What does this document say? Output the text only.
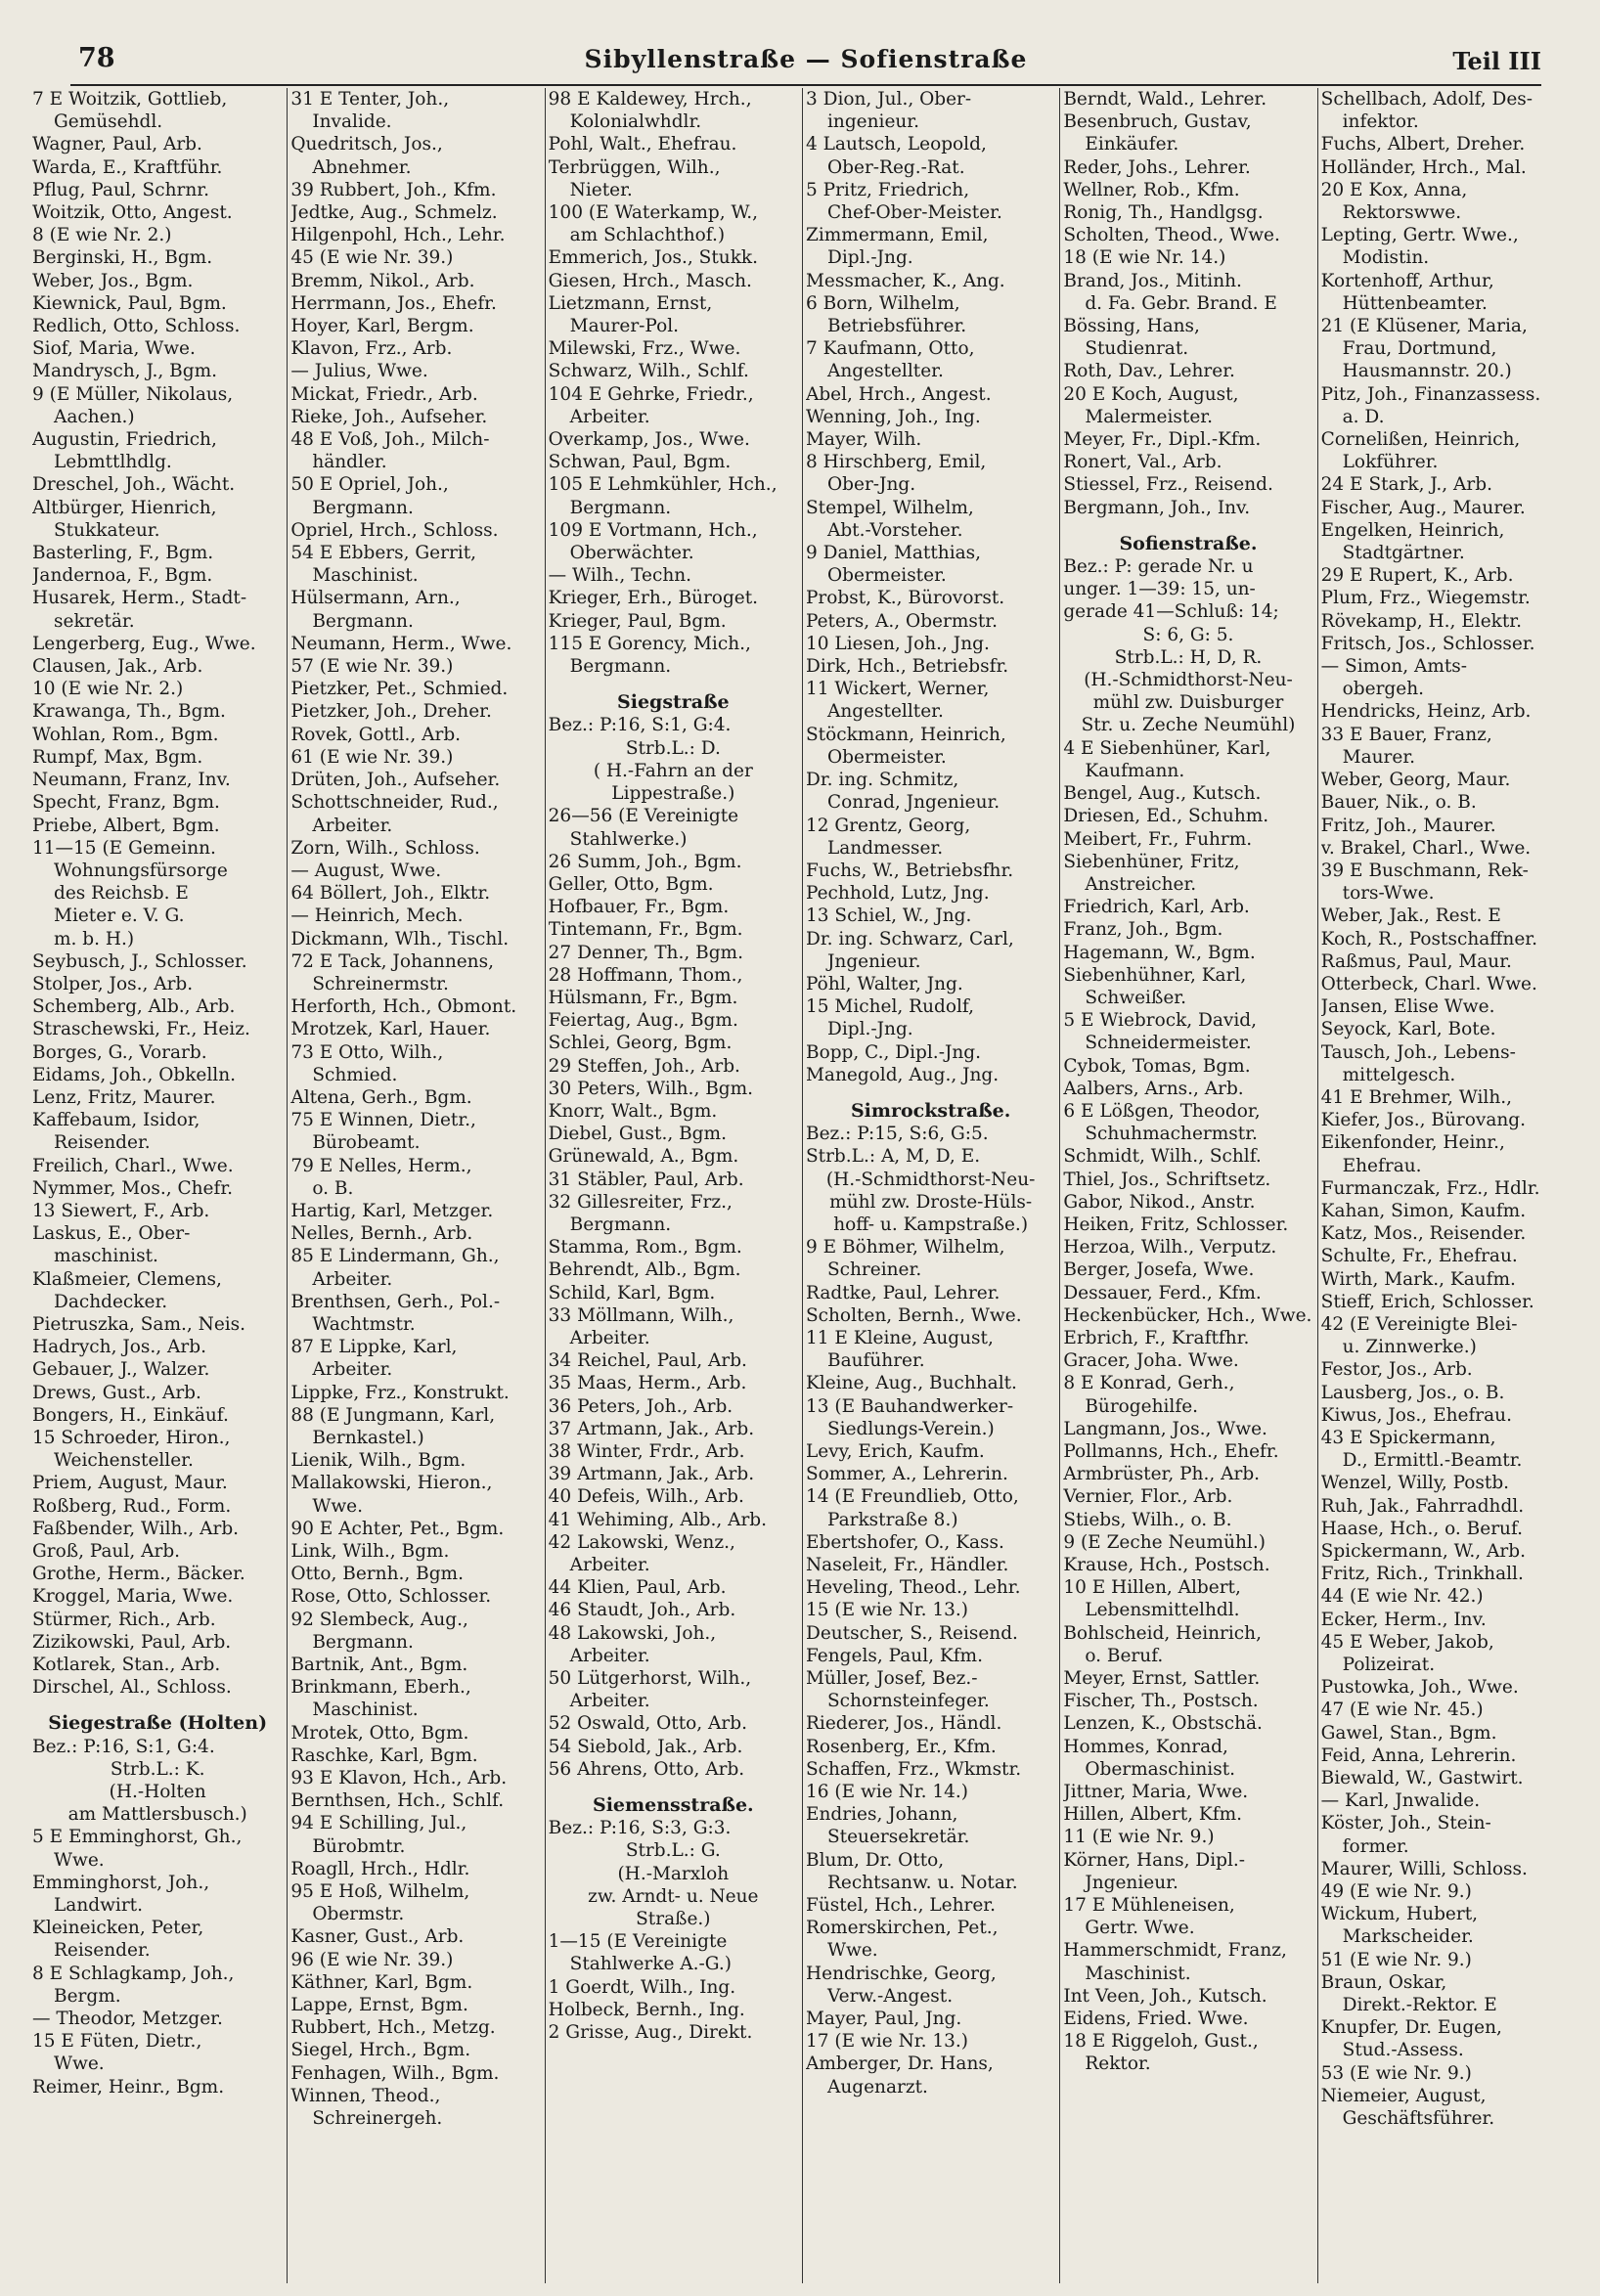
78	Sibyllenstraße — Sofienstraße	Teil III
7 E Woitzik, Gottlieb,
Gemüsehdl.
Wagner, Paul, Arb.
Warda, E., Kraftführ.
Pflug, Paul, Schrnr.
Woitzik, Otto, Angest.
8 (E wie Nr. 2.)
Berginski, H., Bgm.
Weber, Jos., Bgm.
Kiewnick, Paul, Bgm.
Redlich, Otto, Schloss.
Siof, Maria, Wwe.
Mandrysch, J., Bgm.
9 (E Müller, Nikolaus,
Aachen.)
Augustin, Friedrich,
Lebmttlhdlg.
Dreschel, Joh., Wächt.
Altbürger, Hienrich,
Stukkateur.
Basterling, F., Bgm.
Jandernoa, F., Bgm.
Husarek, Herm., Stadt-
sekretär.
Lengerberg, Eug., Wwe.
Clausen, Jak., Arb.
10 (E wie Nr. 2.)
Krawanga, Th., Bgm.
Wohlan, Rom., Bgm.
Rumpf, Max, Bgm.
Neumann, Franz, Inv.
Specht, Franz, Bgm.
Priebe, Albert, Bgm.
11—15 (E Gemeinn.
Wohnungsfürsorge
des Reichsb. E
Mieter e. V. G.
m. b. H.)
Seybusch, J., Schlosser.
Stolper, Jos., Arb.
Schemberg, Alb., Arb.
Straschewski, Fr., Heiz.
Borges, G., Vorarb.
Eidams, Joh., Obkelln.
Lenz, Fritz, Maurer.
Kaffebaum, Isidor,
Reisender.
Freilich, Charl., Wwe.
Nymmer, Mos., Chefr.
13 Siewert, F., Arb.
Laskus, E., Ober-
maschinist.
Klaßmeier, Clemens,
Dachdecker.
Pietruszka, Sam., Neis.
Hadrych, Jos., Arb.
Gebauer, J., Walzer.
Drews, Gust., Arb.
Bongers, H., Einkäuf.
15 Schroeder, Hiron.,
Weichensteller.
Priem, August, Maur.
Roßberg, Rud., Form.
Faßbender, Wilh., Arb.
Groß, Paul, Arb.
Grothe, Herm., Bäcker.
Kroggel, Maria, Wwe.
Stürmer, Rich., Arb.
Zizikowski, Paul, Arb.
Kotlarek, Stan., Arb.
Dirschel, Al., Schloss.
Siegestraße (Holten)
Bez.: P:16, S:1, G:4.
Strb.L.: K.
(H.-Holten
am Mattlersbusch.)
5 E Emminghorst, Gh.,
Wwe.
Emminghorst, Joh.,
Landwirt.
Kleineicken, Peter,
Reisender.
8 E Schlagkamp, Joh.,
Bergm.
— Theodor, Metzger.
15 E Füten, Dietr.,
Wwe.
Reimer, Heinr., Bgm.
31 E Tenter, Joh.,
Invalide.
Quedritsch, Jos.,
Abnehmer.
39 Rubbert, Joh., Kfm.
Jedtke, Aug., Schmelz.
Hilgenpohl, Hch., Lehr.
45 (E wie Nr. 39.)
Bremm, Nikol., Arb.
Herrmann, Jos., Ehefr.
Hoyer, Karl, Bergm.
Klavon, Frz., Arb.
— Julius, Wwe.
Mickat, Friedr., Arb.
Rieke, Joh., Aufseher.
48 E Voß, Joh., Milch-
händler.
50 E Opriel, Joh.,
Bergmann.
Opriel, Hrch., Schloss.
54 E Ebbers, Gerrit,
Maschinist.
Hülsermann, Arn.,
Bergmann.
Neumann, Herm., Wwe.
57 (E wie Nr. 39.)
Pietzker, Pet., Schmied.
Pietzker, Joh., Dreher.
Rovek, Gottl., Arb.
61 (E wie Nr. 39.)
Drüten, Joh., Aufseher.
Schottschneider, Rud.,
Arbeiter.
Zorn, Wilh., Schloss.
— August, Wwe.
64 Böllert, Joh., Elktr.
— Heinrich, Mech.
Dickmann, Wlh., Tischl.
72 E Tack, Johannens,
Schreinermstr.
Herforth, Hch., Obmont.
Mrotzek, Karl, Hauer.
73 E Otto, Wilh.,
Schmied.
Altena, Gerh., Bgm.
75 E Winnen, Dietr.,
Bürobeamt.
79 E Nelles, Herm.,
o. B.
Hartig, Karl, Metzger.
Nelles, Bernh., Arb.
85 E Lindermann, Gh.,
Arbeiter.
Brenthsen, Gerh., Pol.-
Wachtmstr.
87 E Lippke, Karl,
Arbeiter.
Lippke, Frz., Konstrukt.
88 (E Jungmann, Karl,
Bernkastel.)
Lienik, Wilh., Bgm.
Mallakowski, Hieron.,
Wwe.
90 E Achter, Pet., Bgm.
Link, Wilh., Bgm.
Otto, Bernh., Bgm.
Rose, Otto, Schlosser.
92 Slembeck, Aug.,
Bergmann.
Bartnik, Ant., Bgm.
Brinkmann, Eberh.,
Maschinist.
Mrotek, Otto, Bgm.
Raschke, Karl, Bgm.
93 E Klavon, Hch., Arb.
Bernthsen, Hch., Schlf.
94 E Schilling, Jul.,
Bürobmtr.
Roagll, Hrch., Hdlr.
95 E Hoß, Wilhelm,
Obermstr.
Kasner, Gust., Arb.
96 (E wie Nr. 39.)
Käthner, Karl, Bgm.
Lappe, Ernst, Bgm.
Rubbert, Hch., Metzg.
Siegel, Hrch., Bgm.
Fenhagen, Wilh., Bgm.
Winnen, Theod.,
Schreinergeh.
98 E Kaldewey, Hrch.,
Kolonialwhdlr.
Pohl, Walt., Ehefrau.
Terbrüggen, Wilh.,
Nieter.
100 (E Waterkamp, W.,
am Schlachthof.)
Emmerich, Jos., Stukk.
Giesen, Hrch., Masch.
Lietzmann, Ernst,
Maurer-Pol.
Milewski, Frz., Wwe.
Schwarz, Wilh., Schlf.
104 E Gehrke, Friedr.,
Arbeiter.
Overkamp, Jos., Wwe.
Schwan, Paul, Bgm.
105 E Lehmkühler, Hch.,
Bergmann.
109 E Vortmann, Hch.,
Oberwächter.
— Wilh., Techn.
Krieger, Erh., Büroget.
Krieger, Paul, Bgm.
115 E Gorency, Mich.,
Bergmann.
Siegstraße
Bez.: P:16, S:1, G:4.
Strb.L.: D.
( H.-Fahrn an der
Lippestraße.)
26—56 (E Vereinigte
Stahlwerke.)
26 Summ, Joh., Bgm.
Geller, Otto, Bgm.
Hofbauer, Fr., Bgm.
Tintemann, Fr., Bgm.
27 Denner, Th., Bgm.
28 Hoffmann, Thom.,
Hülsmann, Fr., Bgm.
Feiertag, Aug., Bgm.
Schlei, Georg, Bgm.
29 Steffen, Joh., Arb.
30 Peters, Wilh., Bgm.
Knorr, Walt., Bgm.
Diebel, Gust., Bgm.
Grünewald, A., Bgm.
31 Stäbler, Paul, Arb.
32 Gillesreiter, Frz.,
Bergmann.
Stamma, Rom., Bgm.
Behrendt, Alb., Bgm.
Schild, Karl, Bgm.
33 Möllmann, Wilh.,
Arbeiter.
34 Reichel, Paul, Arb.
35 Maas, Herm., Arb.
36 Peters, Joh., Arb.
37 Artmann, Jak., Arb.
38 Winter, Frdr., Arb.
39 Artmann, Jak., Arb.
40 Defeis, Wilh., Arb.
41 Wehiming, Alb., Arb.
42 Lakowski, Wenz.,
Arbeiter.
44 Klien, Paul, Arb.
46 Staudt, Joh., Arb.
48 Lakowski, Joh.,
Arbeiter.
50 Lütgerhorst, Wilh.,
Arbeiter.
52 Oswald, Otto, Arb.
54 Siebold, Jak., Arb.
56 Ahrens, Otto, Arb.
Siemensstraße.
Bez.: P:16, S:3, G:3.
Strb.L.: G.
(H.-Marxloh
zw. Arndt- u. Neue
Straße.)
1—15 (E Vereinigte
Stahlwerke A.-G.)
1 Goerdt, Wilh., Ing.
Holbeck, Bernh., Ing.
2 Grisse, Aug., Direkt.
3 Dion, Jul., Ober-
ingenieur.
4 Lautsch, Leopold,
Ober-Reg.-Rat.
5 Pritz, Friedrich,
Chef-Ober-Meister.
Zimmermann, Emil,
Dipl.-Jng.
Messmacher, K., Ang.
6 Born, Wilhelm,
Betriebsführer.
7 Kaufmann, Otto,
Angestellter.
Abel, Hrch., Angest.
Wenning, Joh., Ing.
Mayer, Wilh.
8 Hirschberg, Emil,
Ober-Jng.
Stempel, Wilhelm,
Abt.-Vorsteher.
9 Daniel, Matthias,
Obermeister.
Probst, K., Bürovorst.
Peters, A., Obermstr.
10 Liesen, Joh., Jng.
Dirk, Hch., Betriebsfr.
11 Wickert, Werner,
Angestellter.
Stöckmann, Heinrich,
Obermeister.
Dr. ing. Schmitz,
Conrad, Jngenieur.
12 Grentz, Georg,
Landmesser.
Fuchs, W., Betriebsfhr.
Pechhold, Lutz, Jng.
13 Schiel, W., Jng.
Dr. ing. Schwarz, Carl,
Jngenieur.
Pöhl, Walter, Jng.
15 Michel, Rudolf,
Dipl.-Jng.
Bopp, C., Dipl.-Jng.
Manegold, Aug., Jng.
Simrockstraße.
Bez.: P:15, S:6, G:5.
Strb.L.: A, M, D, E.
(H.-Schmidthorst-Neu-
mühl zw. Droste-Hüls-
hoff- u. Kampstraße.)
9 E Böhmer, Wilhelm,
Schreiner.
Radtke, Paul, Lehrer.
Scholten, Bernh., Wwe.
11 E Kleine, August,
Bauführer.
Kleine, Aug., Buchhalt.
13 (E Bauhandwerker-
Siedlungs-Verein.)
Levy, Erich, Kaufm.
Sommer, A., Lehrerin.
14 (E Freundlieb, Otto,
Parkstraße 8.)
Ebertshofer, O., Kass.
Naseleit, Fr., Händler.
Heveling, Theod., Lehr.
15 (E wie Nr. 13.)
Deutscher, S., Reisend.
Fengels, Paul, Kfm.
Müller, Josef, Bez.-
Schornsteinfeger.
Riederer, Jos., Händl.
Rosenberg, Er., Kfm.
Schaffen, Frz., Wkmstr.
16 (E wie Nr. 14.)
Endries, Johann,
Steuersekretär.
Blum, Dr. Otto,
Rechtsanw. u. Notar.
Füstel, Hch., Lehrer.
Romerskirchen, Pet.,
Wwe.
Hendrischke, Georg,
Verw.-Angest.
Mayer, Paul, Jng.
17 (E wie Nr. 13.)
Amberger, Dr. Hans,
Augenarzt.
Berndt, Wald., Lehrer.
Besenbruch, Gustav,
Einkäufer.
Reder, Johs., Lehrer.
Wellner, Rob., Kfm.
Ronig, Th., Handlgsg.
Scholten, Theod., Wwe.
18 (E wie Nr. 14.)
Brand, Jos., Mitinh.
d. Fa. Gebr. Brand. E
Bössing, Hans,
Studienrat.
Roth, Dav., Lehrer.
20 E Koch, August,
Malermeister.
Meyer, Fr., Dipl.-Kfm.
Ronert, Val., Arb.
Stiessel, Frz., Reisend.
Bergmann, Joh., Inv.
Sofienstraße.
Bez.: P: gerade Nr. u
unger. 1—39: 15, un-
gerade 41—Schluß: 14;
S: 6, G: 5.
Strb.L.: H, D, R.
(H.-Schmidthorst-Neu-
mühl zw. Duisburger
Str. u. Zeche Neumühl)
4 E Siebenhüner, Karl,
Kaufmann.
Bengel, Aug., Kutsch.
Driesen, Ed., Schuhm.
Meibert, Fr., Fuhrm.
Siebenhüner, Fritz,
Anstreicher.
Friedrich, Karl, Arb.
Franz, Joh., Bgm.
Hagemann, W., Bgm.
Siebenhühner, Karl,
Schweißer.
5 E Wiebrock, David,
Schneidermeister.
Cybok, Tomas, Bgm.
Aalbers, Arns., Arb.
6 E Lößgen, Theodor,
Schuhmachermstr.
Schmidt, Wilh., Schlf.
Thiel, Jos., Schriftsetz.
Gabor, Nikod., Anstr.
Heiken, Fritz, Schlosser.
Herzoa, Wilh., Verputz.
Berger, Josefa, Wwe.
Dessauer, Ferd., Kfm.
Heckenbücker, Hch., Wwe.
Erbrich, F., Kraftfhr.
Gracer, Joha. Wwe.
8 E Konrad, Gerh.,
Bürogehilfe.
Langmann, Jos., Wwe.
Pollmanns, Hch., Ehefr.
Armbrüster, Ph., Arb.
Vernier, Flor., Arb.
Stiebs, Wilh., o. B.
9 (E Zeche Neumühl.)
Krause, Hch., Postsch.
10 E Hillen, Albert,
Lebensmittelhdl.
Bohlscheid, Heinrich,
o. Beruf.
Meyer, Ernst, Sattler.
Fischer, Th., Postsch.
Lenzen, K., Obstschä.
Hommes, Konrad,
Obermaschinist.
Jittner, Maria, Wwe.
Hillen, Albert, Kfm.
11 (E wie Nr. 9.)
Körner, Hans, Dipl.-
Jngenieur.
17 E Mühleneisen,
Gertr. Wwe.
Hammerschmidt, Franz,
Maschinist.
Int Veen, Joh., Kutsch.
Eidens, Fried. Wwe.
18 E Riggeloh, Gust.,
Rektor.
Schellbach, Adolf, Des-
infektor.
Fuchs, Albert, Dreher.
Holländer, Hrch., Mal.
20 E Kox, Anna,
Rektorswwe.
Lepting, Gertr. Wwe.,
Modistin.
Kortenhoff, Arthur,
Hüttenbeamter.
21 (E Klüsener, Maria,
Frau, Dortmund,
Hausmannstr. 20.)
Pitz, Joh., Finanzassess.
a. D.
Cornelißen, Heinrich,
Lokführer.
24 E Stark, J., Arb.
Fischer, Aug., Maurer.
Engelken, Heinrich,
Stadtgärtner.
29 E Rupert, K., Arb.
Plum, Frz., Wiegemstr.
Rövekamp, H., Elektr.
Fritsch, Jos., Schlosser.
— Simon, Amts-
obergeh.
Hendricks, Heinz, Arb.
33 E Bauer, Franz,
Maurer.
Weber, Georg, Maur.
Bauer, Nik., o. B.
Fritz, Joh., Maurer.
v. Brakel, Charl., Wwe.
39 E Buschmann, Rek-
tors-Wwe.
Weber, Jak., Rest. E
Koch, R., Postschaffner.
Raßmus, Paul, Maur.
Otterbeck, Charl. Wwe.
Jansen, Elise Wwe.
Seyock, Karl, Bote.
Tausch, Joh., Lebens-
mittelgesch.
41 E Brehmer, Wilh.,
Kiefer, Jos., Bürovang.
Eikenfonder, Heinr.,
Ehefrau.
Furmanczak, Frz., Hdlr.
Kahan, Simon, Kaufm.
Katz, Mos., Reisender.
Schulte, Fr., Ehefrau.
Wirth, Mark., Kaufm.
Stieff, Erich, Schlosser.
42 (E Vereinigte Blei-
u. Zinnwerke.)
Festor, Jos., Arb.
Lausberg, Jos., o. B.
Kiwus, Jos., Ehefrau.
43 E Spickermann,
D., Ermittl.-Beamtr.
Wenzel, Willy, Postb.
Ruh, Jak., Fahrradhdl.
Haase, Hch., o. Beruf.
Spickermann, W., Arb.
Fritz, Rich., Trinkhall.
44 (E wie Nr. 42.)
Ecker, Herm., Inv.
45 E Weber, Jakob,
Polizeirat.
Pustowka, Joh., Wwe.
47 (E wie Nr. 45.)
Gawel, Stan., Bgm.
Feid, Anna, Lehrerin.
Biewald, W., Gastwirt.
— Karl, Jnwalide.
Köster, Joh., Stein-
former.
Maurer, Willi, Schloss.
49 (E wie Nr. 9.)
Wickum, Hubert,
Markscheider.
51 (E wie Nr. 9.)
Braun, Oskar,
Direkt.-Rektor. E
Knupfer, Dr. Eugen,
Stud.-Assess.
53 (E wie Nr. 9.)
Niemeier, August,
Geschäftsführer.
